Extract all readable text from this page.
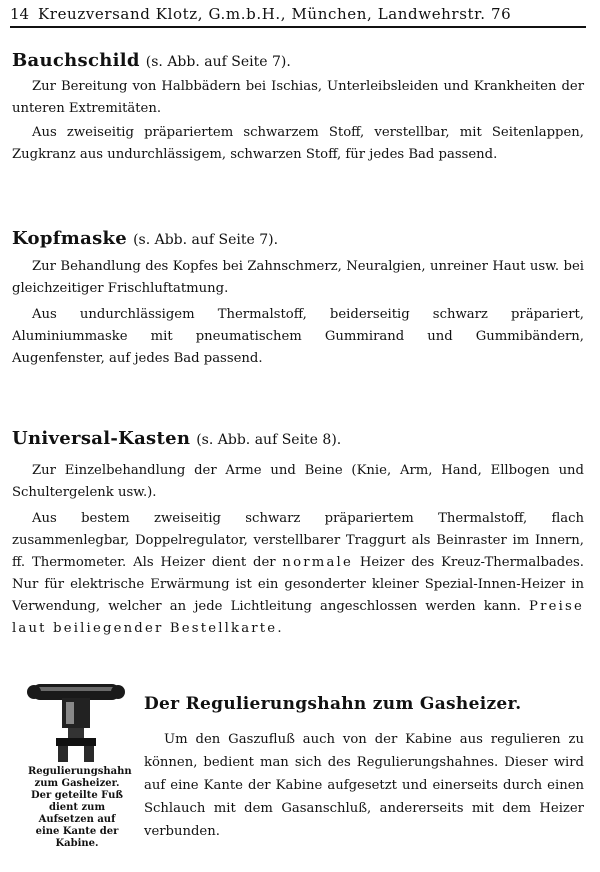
14 Kreuzversand Klotz, G.m.b.H., München, Landwehrstr. 76
Bauchschild (s. Abb. auf Seite 7).

Zur Bereitung von Halbbädern bei Ischias, Unterleibsleiden und Krankheiten der unteren Extremitäten.

Aus zweiseitig präpariertem schwarzem Stoff, verstellbar, mit Seitenlappen, Zugkranz aus undurchlässigem, schwarzen Stoff, für jedes Bad passend.

Kopfmaske (s. Abb. auf Seite 7).

Zur Behandlung des Kopfes bei Zahnschmerz, Neuralgien, unreiner Haut usw. bei gleichzeitiger Frischluftatmung.

Aus undurchlässigem Thermalstoff, beiderseitig schwarz präpariert, Aluminiummaske mit pneumatischem Gummirand und Gummibändern, Augenfenster, auf jedes Bad passend.

Universal-Kasten (s. Abb. auf Seite 8).

Zur Einzelbehandlung der Arme und Beine (Knie, Arm, Hand, Ellbogen und Schultergelenk usw.).

Aus bestem zweiseitig schwarz präpariertem Thermalstoff, flach zusammenlegbar, Doppelregulator, verstellbarer Traggurt als Beinraster im Innern, ff. Thermometer. Als Heizer dient der normale Heizer des Kreuz-Thermalbades. Nur für elektrische Erwärmung ist ein gesonderter kleiner Spezial-Innen-Heizer in Verwendung, welcher an jede Lichtleitung angeschlossen werden kann. Preise laut beiliegender Bestellkarte.

Regulierungshahn zum Gasheizer. Der geteilte Fuß dient zum Aufsetzen auf eine Kante der Kabine.
Der Regulierungshahn zum Gasheizer.

Um den Gaszufluß auch von der Kabine aus regulieren zu können, bedient man sich des Regulierungshahnes. Dieser wird auf eine Kante der Kabine aufgesetzt und einerseits durch einen Schlauch mit dem Gasanschluß, andererseits mit dem Heizer verbunden.
